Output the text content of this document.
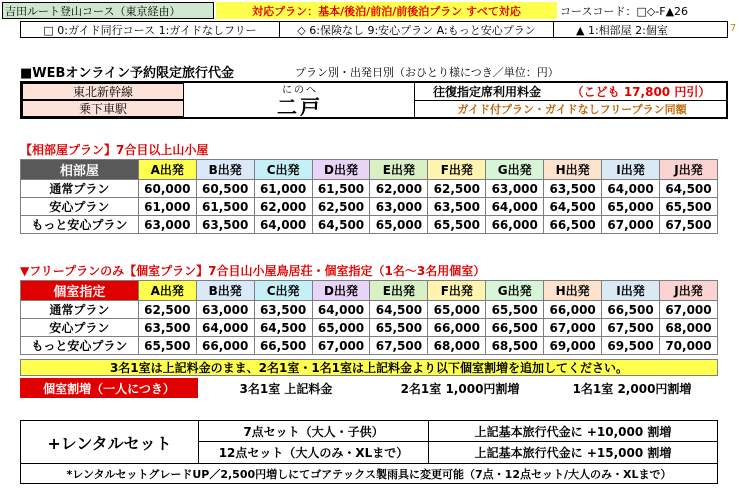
吉田ルート登山コース（東京経由）	対応プラン：基本/後泊/前泊/前後泊プラン すべて対応	コースコード：□◇-F▲26
7
□ 0:ガイド同行コース 1:ガイドなしフリー	◇ 6:保険なし 9:安心プラン A:もっと安心プラン	▲ 1:相部屋 2:個室
■WEBオンライン予約限定旅行代金	プラン別・出発日別（おひとり様につき／単位：円）
東北新幹線
乗下車駅
にのへ
二戸
往復指定席利用料金	（こども 17,800 円引）
ガイド付プラン・ガイドなしフリープラン同額
【相部屋プラン】7合目以上山小屋
相部屋	A出発	B出発	C出発	D出発	E出発	F出発	G出発	H出発	I出発	J出発
通常プラン	60,000	60,500	61,000	61,500	62,000	62,500	63,000	63,500	64,000	64,500
安心プラン	61,000	61,500	62,000	62,500	63,000	63,500	64,000	64,500	65,000	65,500
もっと安心プラン	63,000	63,500	64,000	64,500	65,000	65,500	66,000	66,500	67,000	67,500
▼フリープランのみ【個室プラン】7合目山小屋鳥居荘・個室指定（1名〜3名用個室）
個室指定	A出発	B出発	C出発	D出発	E出発	F出発	G出発	H出発	I出発	J出発
通常プラン	62,500	63,000	63,500	64,000	64,500	65,000	65,500	66,000	66,500	67,000
安心プラン	63,500	64,000	64,500	65,000	65,500	66,000	66,500	67,000	67,500	68,000
もっと安心プラン	65,500	66,000	66,500	67,000	67,500	68,000	68,500	69,000	69,500	70,000
3名1室は上記料金のまま、2名1室・1名1室は上記料金より以下個室割増を追加してください。
個室割増（一人につき）	3名1室 上記料金	2名1室 1,000円割増	1名1室 2,000円割増
+レンタルセット
7点セット（大人・子供）	上記基本旅行代金に +10,000 割増
12点セット（大人のみ・XLまで）	上記基本旅行代金に +15,000 割増
*レンタルセットグレードUP／2,500円増しにてゴアテックス製雨具に変更可能（7点・12点セット/大人のみ・XLまで）
